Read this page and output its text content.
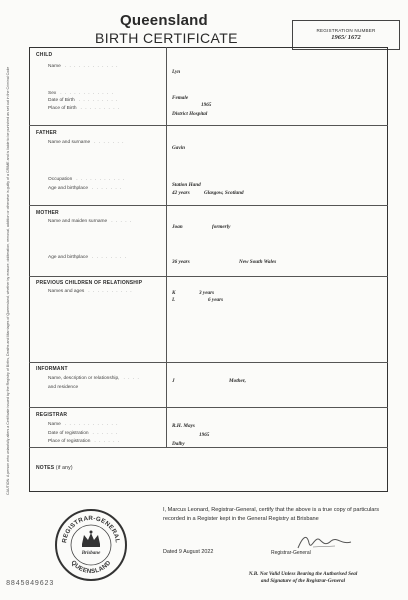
Queensland
BIRTH CERTIFICATE	REGISTRATION NUMBER
1965/ 1672
CAUTION: A person who unlawfully alters a Certificate issued by the Registry of Births, Deaths and Marriages of Queensland, whether by erasure, obliteration, removal, addition or otherwise is guilty of a CRIME and is liable to be punished as set out in the Criminal Code
CHILD
Name . . . . . . . . . . . .
Lyn
Sex . . . . . . . . . . . .
Female
Date of Birth . . . . . . . . .
1965
Place of Birth . . . . . . . . .
District Hospital
FATHER
Name and surname . . . . . . .
Gavin
Occupation . . . . . . . . . . .
Station Hand
Age and birthplace . . . . . . .
42 years	Glasgow, Scotland
MOTHER
Name and maiden surname . . . . .
Joan	formerly
Age and birthplace . . . . . . . .
36 years	New South Wales
PREVIOUS CHILDREN OF RELATIONSHIP
Names and ages . . . . . . . . . .	K	3 years
L	6 years
INFORMANT
Name, description or relationship, . . . .
and residence
J	Mother,
REGISTRAR
Name . . . . . . . . . . . .	R.H. Mays
Date of registration . . . . . .	1965
Place of registration . . . . . .	Dalby
NOTES (if any)
REGISTRAR-GENERAL
QUEENSLAND
Brisbane
I, Marcus Leonard, Registrar-General, certify that the above is a true copy of particulars recorded in a Register kept in the General Registry at Brisbane
Dated 9 August 2022	Registrar-General
N.B. Not Valid Unless Bearing the Authorised Seal
and Signature of the Registrar-General
8845049623
